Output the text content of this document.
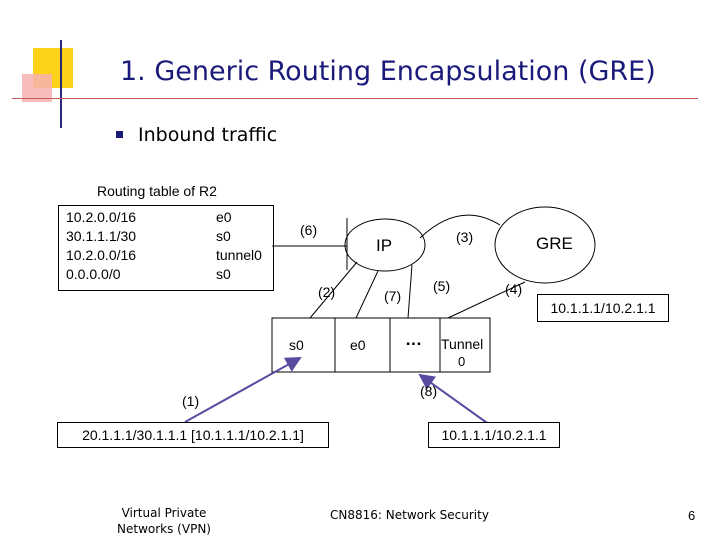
1. Generic Routing Encapsulation (GRE)
Inbound traffic
Routing table of R2
10.2.0.0/16	e0
30.1.1.1/30	s0
10.2.0.0/16	tunnel0
0.0.0.0/0	s0
IP	GRE
s0	e0 … Tunnel
0
(1)
(2)
(3)
(4)
(5)
(6)
(7)
(8)
20.1.1.1/30.1.1.1 [10.1.1.1/10.2.1.1]	10.1.1.1/10.2.1.1
10.1.1.1/10.2.1.1
Virtual Private
Networks (VPN)
CN8816: Network Security	6
